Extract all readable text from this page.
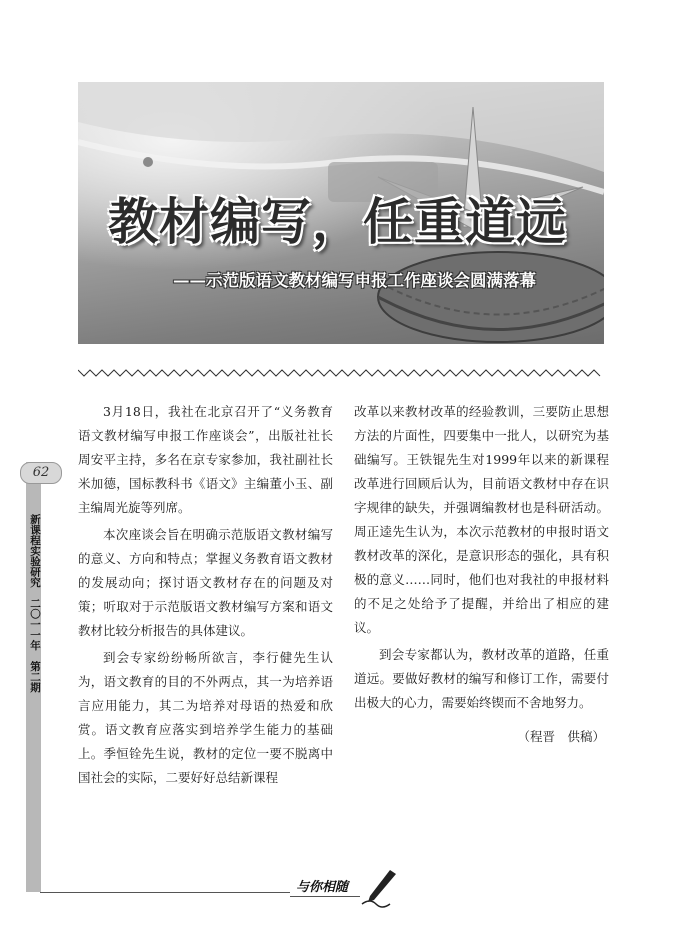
教材编写，任重道远
——示范版语文教材编写申报工作座谈会圆满落幕

3月18日，我社在北京召开了“义务教育语文教材编写申报工作座谈会”，出版社社长周安平主持，多名在京专家参加，我社副社长米加德，国标教科书《语文》主编董小玉、副主编周光旋等列席。

本次座谈会旨在明确示范版语文教材编写的意义、方向和特点；掌握义务教育语文教材的发展动向；探讨语文教材存在的问题及对策；听取对于示范版语文教材编写方案和语文教材比较分析报告的具体建议。

到会专家纷纷畅所欲言，李行健先生认为，语文教育的目的不外两点，其一为培养语言应用能力，其二为培养对母语的热爱和欣赏。语文教育应落实到培养学生能力的基础上。季恒铨先生说，教材的定位一要不脱离中国社会的实际，二要好好总结新课程

改革以来教材改革的经验教训，三要防止思想方法的片面性，四要集中一批人，以研究为基础编写。王铁锟先生对1999年以来的新课程改革进行回顾后认为，目前语文教材中存在识字规律的缺失，并强调编教材也是科研活动。周正逵先生认为，本次示范教材的申报时语文教材改革的深化，是意识形态的强化，具有积极的意义……同时，他们也对我社的申报材料的不足之处给予了提醒，并给出了相应的建议。

到会专家都认为，教材改革的道路，任重道远。要做好教材的编写和修订工作，需要付出极大的心力，需要始终锲而不舍地努力。

（程晋　供稿）

62
新课程实验研究　二〇一一年　第二期
与你相随
